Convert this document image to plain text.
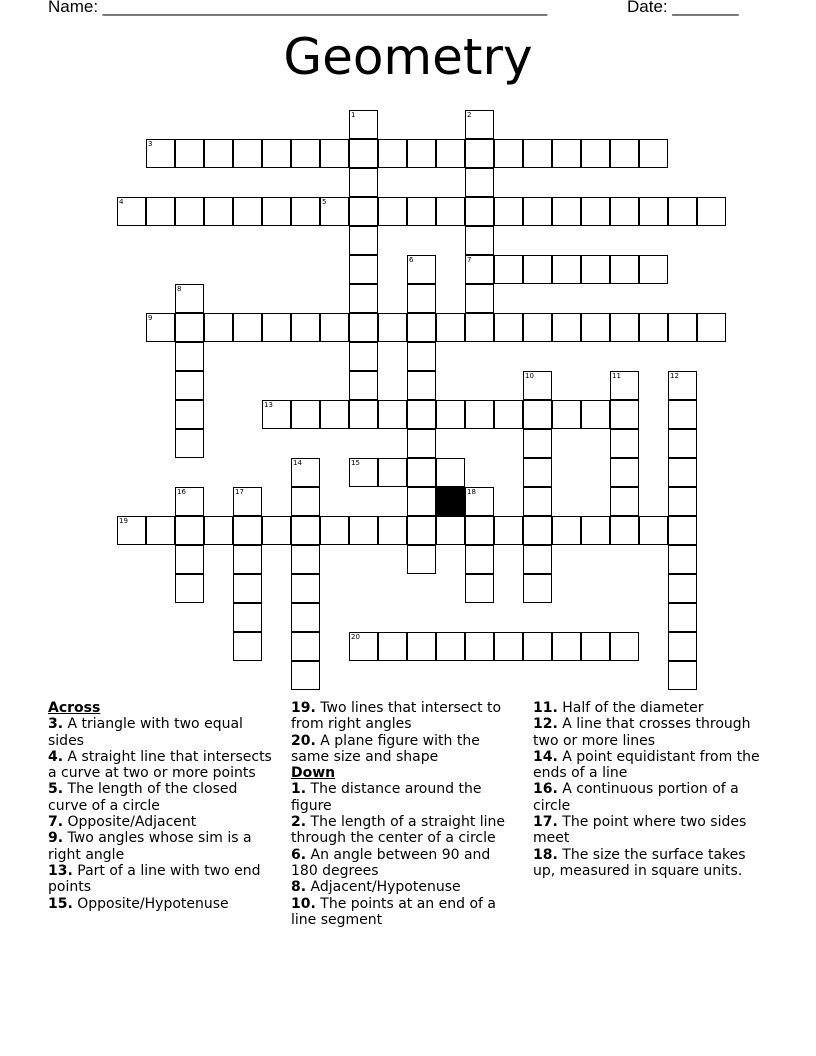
Name: _______________________________________________	Date: _______
Geometry
1	2
3
4	5
6	7
8
9
10	11	12
13
14	15
16	17	18
19
20
Across

3. A triangle with two equal sides

4. A straight line that intersects a curve at two or more points

5. The length of the closed curve of a circle

7. Opposite/Adjacent

9. Two angles whose sim is a right angle

13. Part of a line with two end points

15. Opposite/Hypotenuse

19. Two lines that intersect to from right angles

20. A plane figure with the same size and shape

Down

1. The distance around the figure

2. The length of a straight line through the center of a circle

6. An angle between 90 and 180 degrees

8. Adjacent/Hypotenuse

10. The points at an end of a line segment

11. Half of the diameter

12. A line that crosses through two or more lines

14. A point equidistant from the ends of a line

16. A continuous portion of a circle

17. The point where two sides meet

18. The size the surface takes up, measured in square units.
